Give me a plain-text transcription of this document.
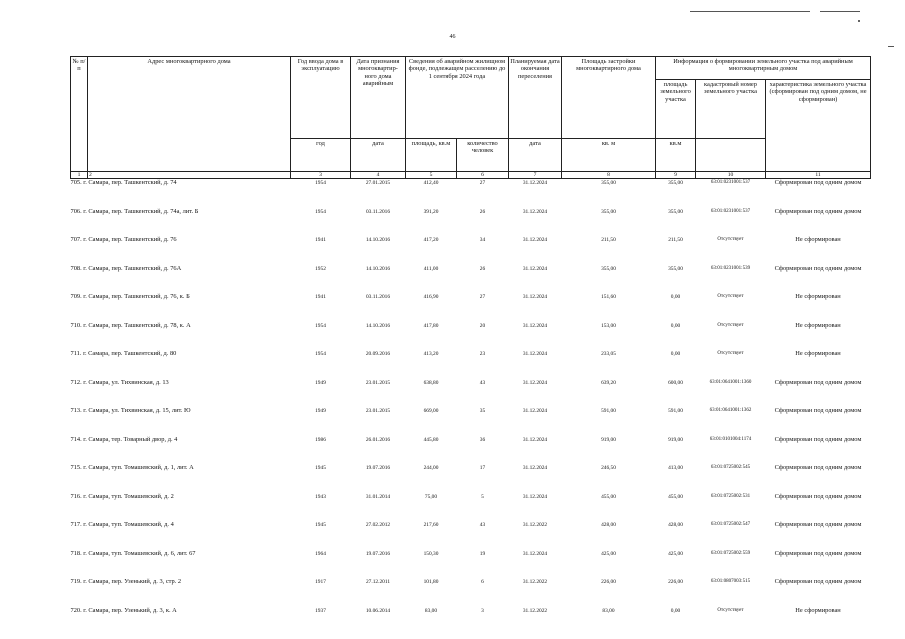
46
№ п/п	Адрес многоквартирного дома	Год ввода дома в эксплуатацию	Дата признания многоквартир-ного дома аварийным	Сведения об аварийном жилищном фонде, подлежащем расселению до 1 сентября 2024 года		Планируемая дата окончания переселения	Площадь застройки многоквартирного дома	Информация о формировании земельного участка под аварийным многоквартирным домом		
								площадь земельного участка	кадастровый номер земельного участка	характеристика земельного участка (сформирован под одним домом, не сформирован)
		год	дата	площадь, кв.м	количество человек	дата	кв. м	кв.м		
1	2	3	4	5	6	7	8	9	10	11
705. г. Самара, пер. Ташкентский, д. 74		1954	27.01.2015	412,40	27	31.12.2024	355,00	355,00	63:01:0231001:537	Сформирован под одним домом
706. г. Самара, пер. Ташкентский, д. 74а, лит. Б		1954	03.11.2016	391,20	26	31.12.2024	355,00	355,00	63:01:0231001:537	Сформирован под одним домом
707. г. Самара, пер. Ташкентский, д. 76		1941	14.10.2016	417,20	34	31.12.2024	211,50	211,50	Отсутствует	Не сформирован
708. г. Самара, пер. Ташкентский, д. 76А		1952	14.10.2016	411,00	26	31.12.2024	355,00	355,00	63:01:0231001:539	Сформирован под одним домом
709. г. Самара, пер. Ташкентский, д. 76, к. Б		1941	03.11.2016	416,90	27	31.12.2024	151,60	0,00	Отсутствует	Не сформирован
710. г. Самара, пер. Ташкентский, д. 78, к. А		1954	14.10.2016	417,80	20	31.12.2024	153,00	0,00	Отсутствует	Не сформирован
711. г. Самара, пер. Ташкентский, д. 80		1954	20.09.2016	413,20	23	31.12.2024	233,05	0,00	Отсутствует	Не сформирован
712. г. Самара, ул. Тихвинская, д. 13		1949	23.01.2015	638,80	43	31.12.2024	639,20	600,00	63:01:0641001:1360	Сформирован под одним домом
713. г. Самара, ул. Тихвинская, д. 15, лит. Ю		1949	23.01.2015	669,00	35	31.12.2024	591,00	591,00	63:01:0641001:1362	Сформирован под одним домом
714. г. Самара, тер. Товарный двор, д. 4		1986	26.01.2016	445,80	36	31.12.2024	919,00	919,00	63:01:0101004:1174	Сформирован под одним домом
715. г. Самара, туп. Томашевский, д. 1, лит. А		1945	19.07.2016	244,00	17	31.12.2024	246,50	413,00	63:01:0725002:545	Сформирован под одним домом
716. г. Самара, туп. Томашевский, д. 2		1943	31.01.2014	75,00	5	31.12.2024	455,00	455,00	63:01:0725002:531	Сформирован под одним домом
717. г. Самара, туп. Томашевский, д. 4		1945	27.02.2012	217,60	43	31.12.2022	428,00	428,00	63:01:0725002:547	Сформирован под одним домом
718. г. Самара, туп. Томашевский, д. 6, лит. 67		1964	19.07.2016	150,30	19	31.12.2024	425,00	425,00	63:01:0725002:559	Сформирован под одним домом
719. г. Самара, пер. Узенький, д. 3, стр. 2		1917	27.12.2011	101,80	6	31.12.2022	226,00	226,00	63:01:0807003:515	Сформирован под одним домом
720. г. Самара, пер. Узенький, д. 3, к. А		1937	10.06.2014	83,00	3	31.12.2022	83,00	0,00	Отсутствует	Не сформирован
